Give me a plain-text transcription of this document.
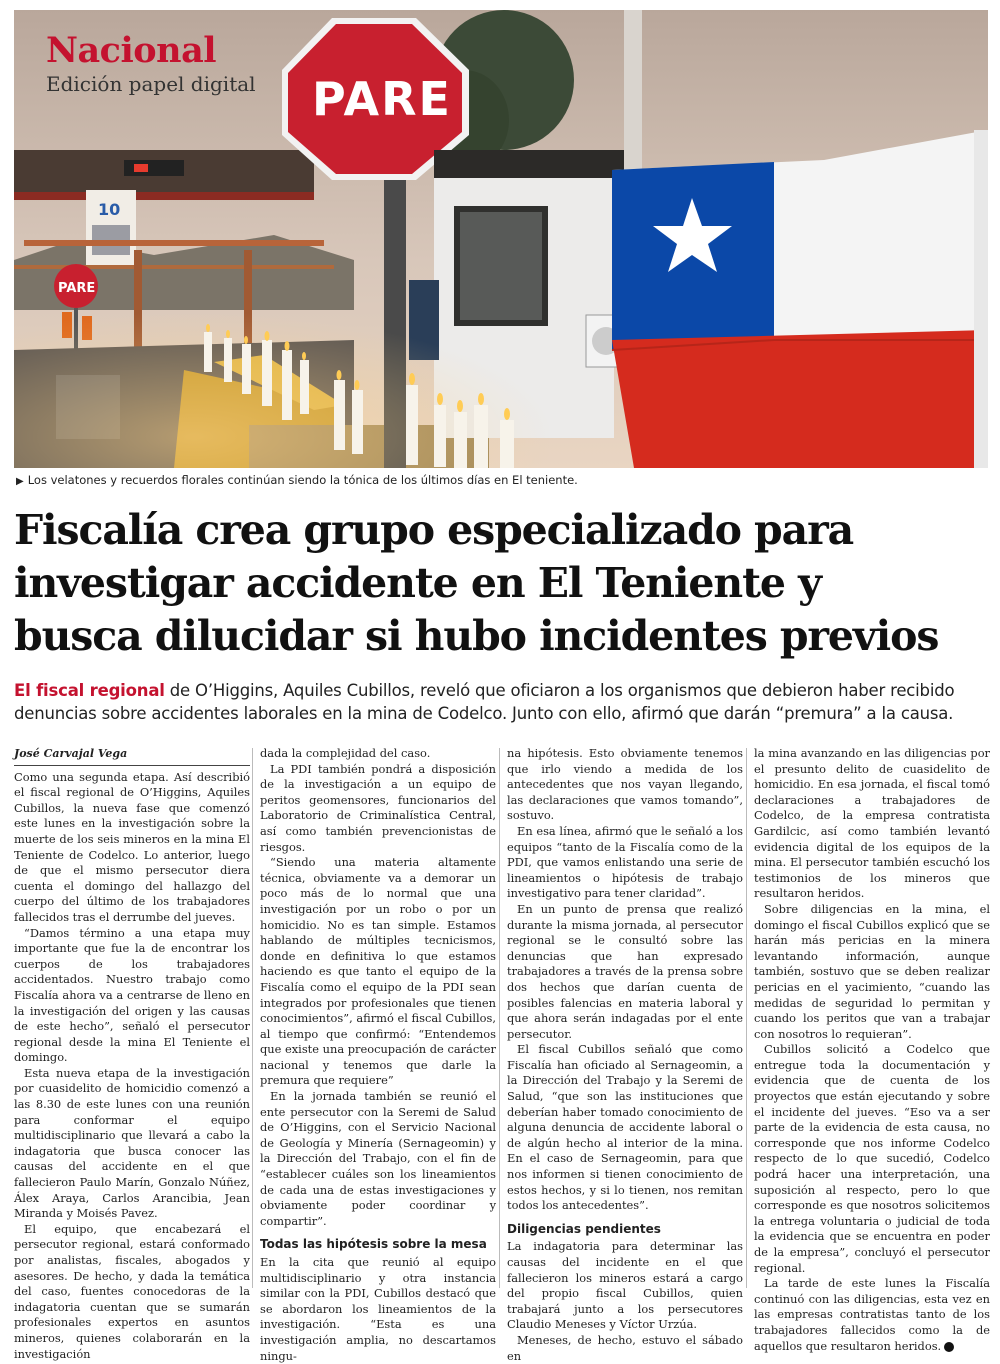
10
PARE
Nacional
Edición papel digital
▶ Los velatones y recuerdos florales continúan siendo la tónica de los últimos días en El teniente.
Fiscalía crea grupo especializado para
investigar accidente en El Teniente y
busca dilucidar si hubo incidentes previos

El fiscal regional de O’Higgins, Aquiles Cubillos, reveló que oficiaron a los organismos que debieron haber recibido denuncias sobre accidentes laborales en la mina de Codelco. Junto con ello, afirmó que darán “premura” a la causa.

José Carvajal Vega

Como una segunda etapa. Así describió el fiscal regional de O’Higgins, Aquiles Cubillos, la nueva fase que comenzó este lunes en la investigación sobre la muerte de los seis mineros en la mina El Teniente de Codelco. Lo anterior, luego de que el mismo persecutor diera cuenta el domingo del hallazgo del cuerpo del último de los trabajadores fallecidos tras el derrumbe del jueves.

“Damos término a una etapa muy importante que fue la de encontrar los cuerpos de los trabajadores accidentados. Nuestro trabajo como Fiscalía ahora va a centrarse de lleno en la investigación del origen y las causas de este hecho”, señaló el persecutor regional desde la mina El Teniente el domingo.

Esta nueva etapa de la investigación por cuasidelito de homicidio comenzó a las 8.30 de este lunes con una reunión para conformar el equipo multidisciplinario que llevará a cabo la indagatoria que busca conocer las causas del accidente en el que fallecieron Paulo Marín, Gonzalo Núñez, Álex Araya, Carlos Arancibia, Jean Miranda y Moisés Pavez.

El equipo, que encabezará el persecutor regional, estará conformado por analistas, fiscales, abogados y asesores. De hecho, y dada la temática del caso, fuentes conocedoras de la indagatoria cuentan que se sumarán profesionales expertos en asuntos mineros, quienes colaborarán en la investigación

dada la complejidad del caso.

La PDI también pondrá a disposición de la investigación a un equipo de peritos geomensores, funcionarios del Laboratorio de Criminalística Central, así como también prevencionistas de riesgos.

“Siendo una materia altamente técnica, obviamente va a demorar un poco más de lo normal que una investigación por un robo o por un homicidio. No es tan simple. Estamos hablando de múltiples tecnicismos, donde en definitiva lo que estamos haciendo es que tanto el equipo de la Fiscalía como el equipo de la PDI sean integrados por profesionales que tienen conocimientos”, afirmó el fiscal Cubillos, al tiempo que confirmó: “Entendemos que existe una preocupación de carácter nacional y tenemos que darle la premura que requiere”

En la jornada también se reunió el ente persecutor con la Seremi de Salud de O’Higgins, con el Servicio Nacional de Geología y Minería (Sernageomin) y la Dirección del Trabajo, con el fin de “establecer cuáles son los lineamientos de cada una de estas investigaciones y obviamente poder coordinar y compartir”.

Todas las hipótesis sobre la mesa

En la cita que reunió al equipo multidisciplinario y otra instancia similar con la PDI, Cubillos destacó que se abordaron los lineamientos de la investigación. “Esta es una investigación amplia, no descartamos ningu-

na hipótesis. Esto obviamente tenemos que irlo viendo a medida de los antecedentes que nos vayan llegando, las declaraciones que vamos tomando”, sostuvo.

En esa línea, afirmó que le señaló a los equipos “tanto de la Fiscalía como de la PDI, que vamos enlistando una serie de lineamientos o hipótesis de trabajo investigativo para tener claridad”.

En un punto de prensa que realizó durante la misma jornada, al persecutor regional se le consultó sobre las denuncias que han expresado trabajadores a través de la prensa sobre dos hechos que darían cuenta de posibles falencias en materia laboral y que ahora serán indagadas por el ente persecutor.

El fiscal Cubillos señaló que como Fiscalía han oficiado al Sernageomin, a la Dirección del Trabajo y la Seremi de Salud, “que son las instituciones que deberían haber tomado conocimiento de alguna denuncia de accidente laboral o de algún hecho al interior de la mina. En el caso de Sernageomin, para que nos informen si tienen conocimiento de estos hechos, y si lo tienen, nos remitan todos los antecedentes”.

Diligencias pendientes

La indagatoria para determinar las causas del incidente en el que fallecieron los mineros estará a cargo del propio fiscal Cubillos, quien trabajará junto a los persecutores Claudio Meneses y Víctor Urzúa.

Meneses, de hecho, estuvo el sábado en

la mina avanzando en las diligencias por el presunto delito de cuasidelito de homicidio. En esa jornada, el fiscal tomó declaraciones a trabajadores de Codelco, de la empresa contratista Gardilcic, así como también levantó evidencia digital de los equipos de la mina. El persecutor también escuchó los testimonios de los mineros que resultaron heridos.

Sobre diligencias en la mina, el domingo el fiscal Cubillos explicó que se harán más pericias en la minera levantando información, aunque también, sostuvo que se deben realizar pericias en el yacimiento, “cuando las medidas de seguridad lo permitan y cuando los peritos que van a trabajar con nosotros lo requieran”.

Cubillos solicitó a Codelco que entregue toda la documentación y evidencia que de cuenta de los proyectos que están ejecutando y sobre el incidente del jueves. “Eso va a ser parte de la evidencia de esta causa, no corresponde que nos informe Codelco respecto de lo que sucedió, Codelco podrá hacer una interpretación, una suposición al respecto, pero lo que corresponde es que nosotros solicitemos la entrega voluntaria o judicial de toda la evidencia que se encuentra en poder de la empresa”, concluyó el persecutor regional.

La tarde de este lunes la Fiscalía continuó con las diligencias, esta vez en las empresas contratistas tanto de los trabajadores fallecidos como la de aquellos que resultaron heridos.
